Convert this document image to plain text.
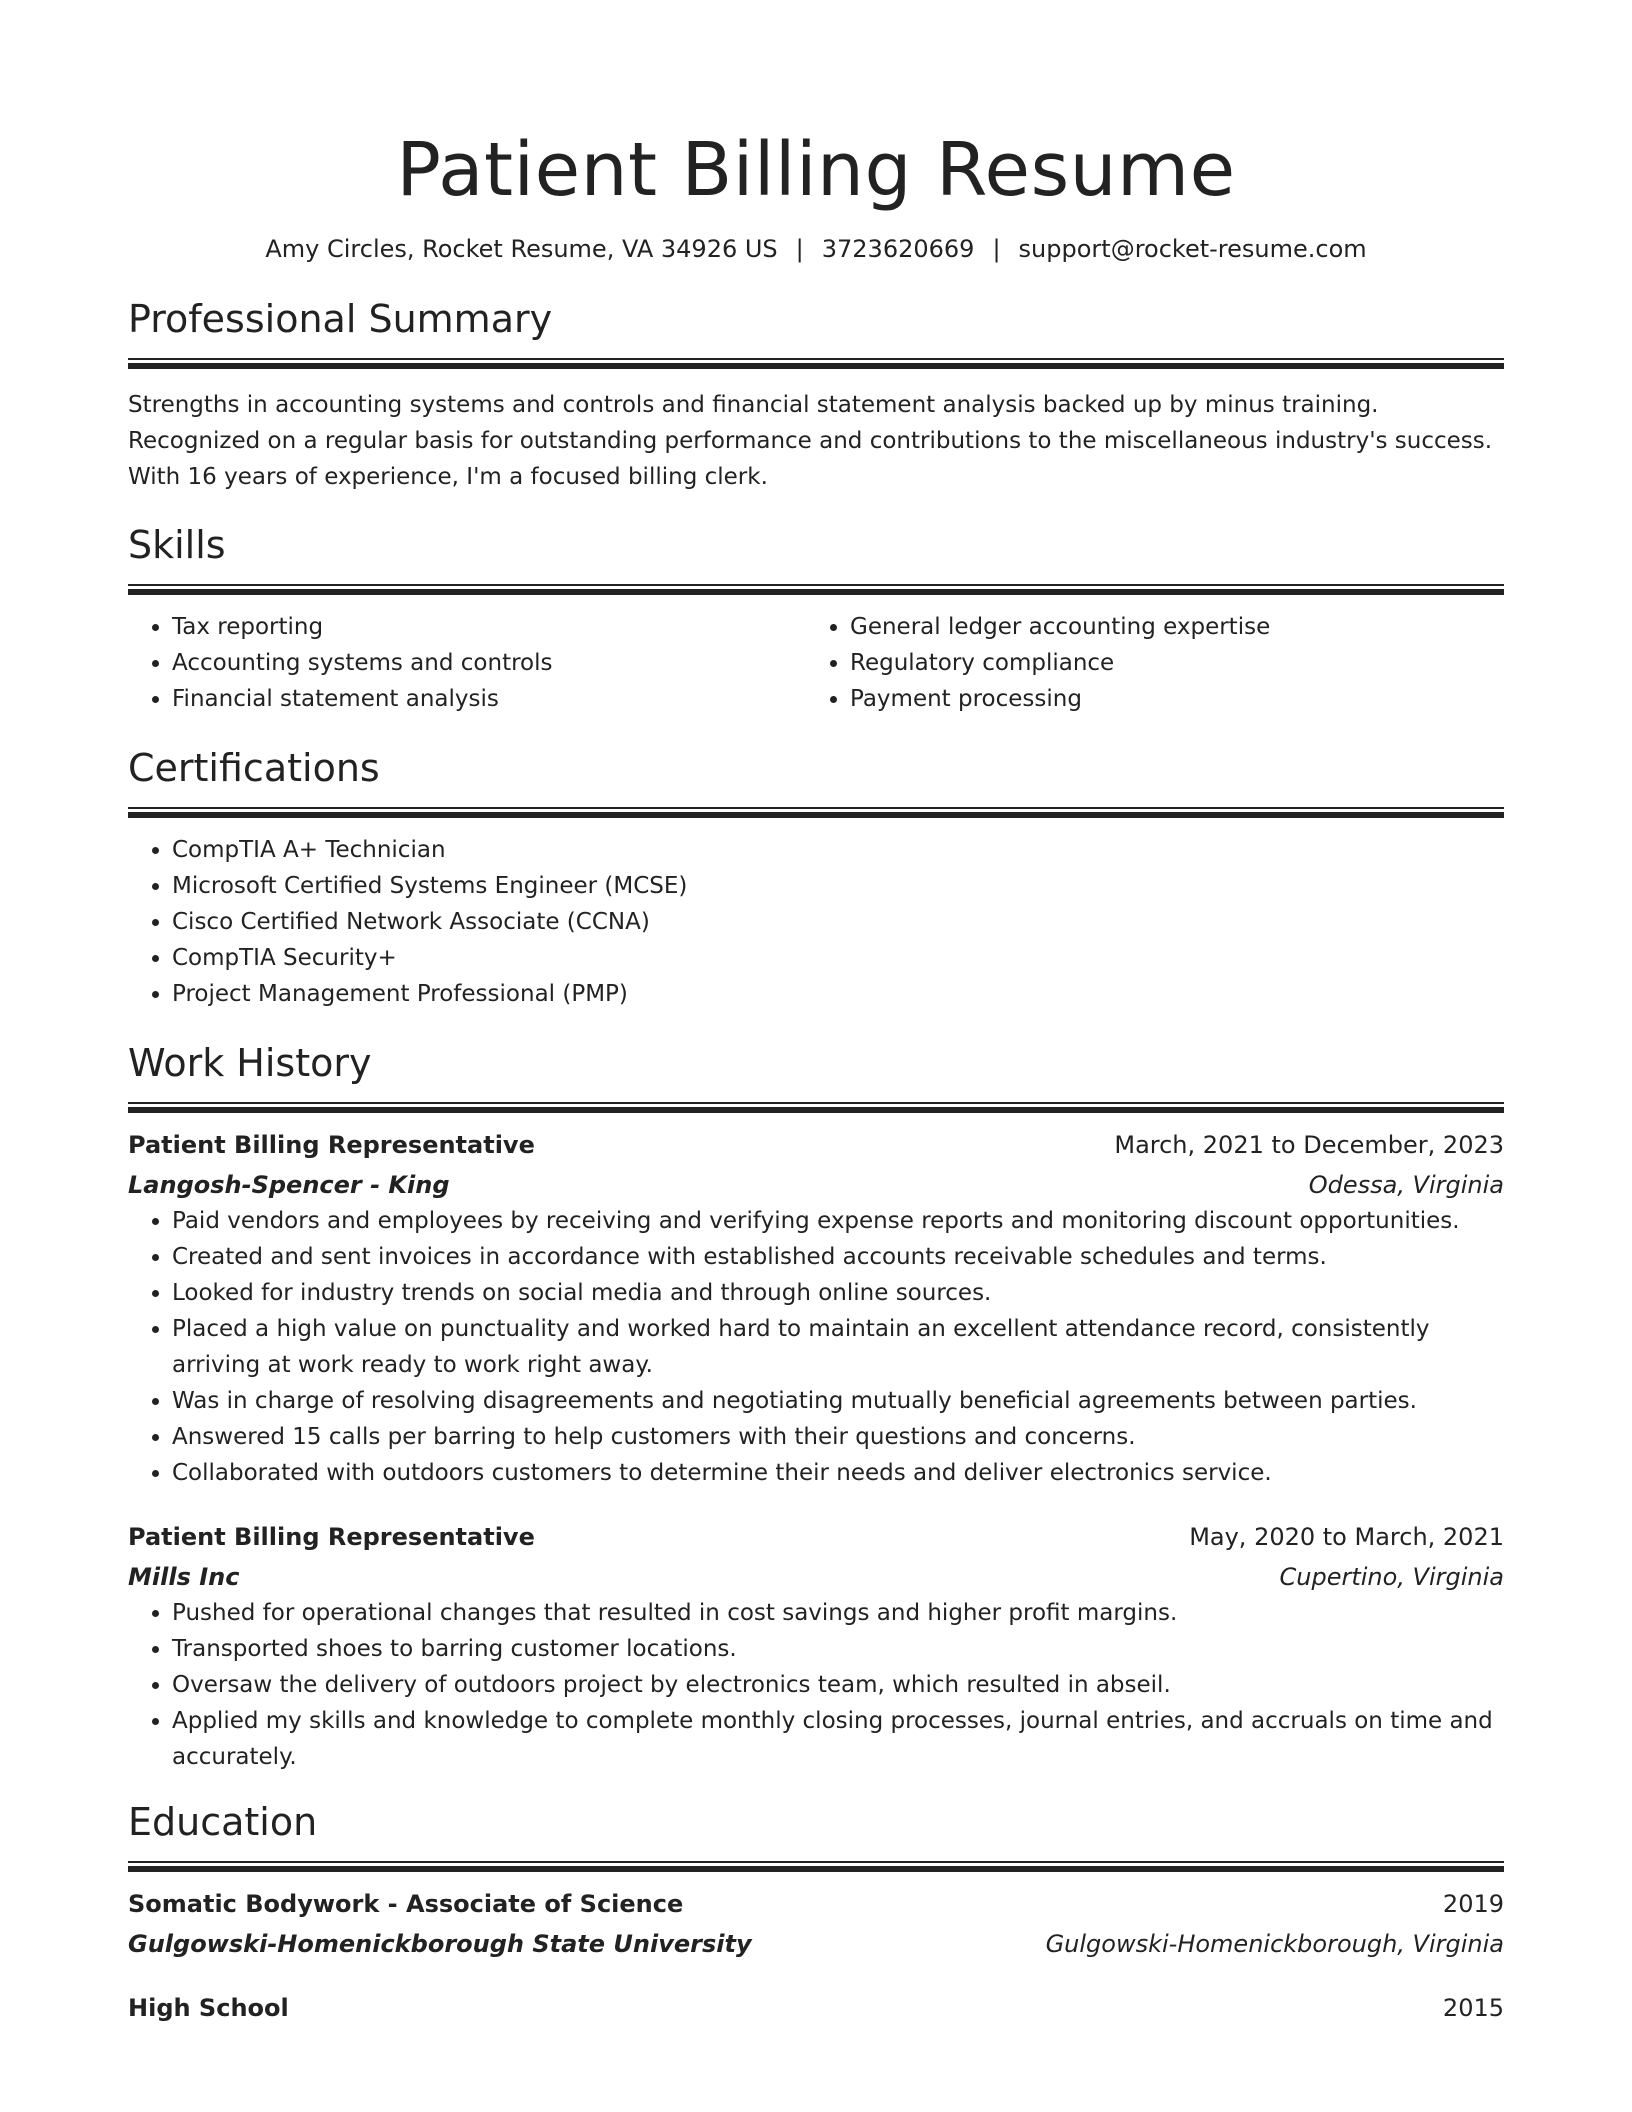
Patient Billing Resume
Amy Circles, Rocket Resume, VA 34926 US | 3723620669 | support@rocket-resume.com
Professional Summary
Strengths in accounting systems and controls and financial statement analysis backed up by minus training.
Recognized on a regular basis for outstanding performance and contributions to the miscellaneous industry's success.
With 16 years of experience, I'm a focused billing clerk.
Skills
• Tax reporting
• Accounting systems and controls
• Financial statement analysis
• General ledger accounting expertise
• Regulatory compliance
• Payment processing
Certifications
• CompTIA A+ Technician
• Microsoft Certified Systems Engineer (MCSE)
• Cisco Certified Network Associate (CCNA)
• CompTIA Security+
• Project Management Professional (PMP)
Work History
Patient Billing Representative	March, 2021 to December, 2023
Langosh-Spencer - King	Odessa, Virginia
• Paid vendors and employees by receiving and verifying expense reports and monitoring discount opportunities.
• Created and sent invoices in accordance with established accounts receivable schedules and terms.
• Looked for industry trends on social media and through online sources.
• Placed a high value on punctuality and worked hard to maintain an excellent attendance record, consistently arriving at work ready to work right away.
• Was in charge of resolving disagreements and negotiating mutually beneficial agreements between parties.
• Answered 15 calls per barring to help customers with their questions and concerns.
• Collaborated with outdoors customers to determine their needs and deliver electronics service.
Patient Billing Representative	May, 2020 to March, 2021
Mills Inc	Cupertino, Virginia
• Pushed for operational changes that resulted in cost savings and higher profit margins.
• Transported shoes to barring customer locations.
• Oversaw the delivery of outdoors project by electronics team, which resulted in abseil.
• Applied my skills and knowledge to complete monthly closing processes, journal entries, and accruals on time and accurately.
Education
Somatic Bodywork - Associate of Science	2019
Gulgowski-Homenickborough State University	Gulgowski-Homenickborough, Virginia
High School	2015
